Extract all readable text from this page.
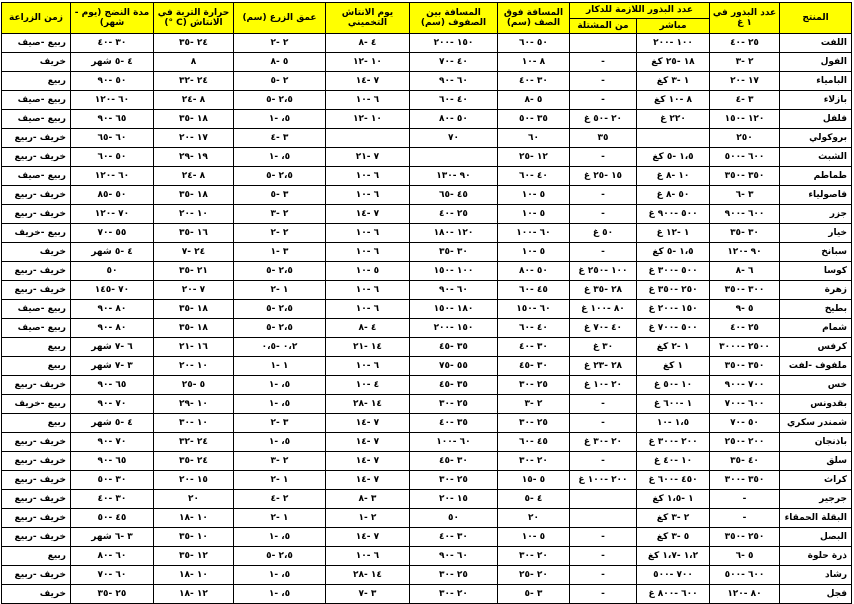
المنتج	عدد البذور في ١ غ	عدد البذور اللازمة للدكار		المسافة فوق الصف (سم)	المسافة بين الصفوف (سم)	يوم الانتاش التخميني	عمق الزرع (سم)	حرارة التربة في الانتاش (C °)	مدة النضج (يوم - شهر)	زمن الزراعة
		مباشر	من المشتلة							
اللفت	٢٥ -٤٠	١٠٠ -٢٠٠		٥٠ -٦٠	١٥٠ -٢٠٠	٤ -٨	٢ -٢	٢٤ -٣٥	٣٠ -٤٠	ربيع -صيف
الفول	٢ -٣	١٨ -٢٥ كغ	-	٨ -١٠	٤٠ -٧٠	١٠ -١٢	٥ -٨	٨	٤ -٥ شهر	خريف
البامياء	١٧ -٢٠	١ -٣ كغ	-	٣٠ -٤٠	٦٠ -٩٠	٧ -١٤	٢ -٥	٢٤ -٣٢	٥٠ -٩٠	ربيع
بازلاء	٣ -٤	٨ -١٠ كغ	-	٥ -٨	٤٠ -٦٠	٦ -١٠	٢،٥ -٥	٨ -٢٤	٦٠ -١٢٠	ربيع -صيف
فلفل	١٢٠ -١٥٠	٢٢٠ غ	٢٠ -٥٠ غ	٣٥ -٥٠	٥٠ -٨٠	١٠ -١٢	٥، -١	١٨ -٣٥	٦٥ -٩٠	ربيع -صيف
بروكولي	٢٥٠		٣٥	٦٠	٧٠		٣ -٤	١٧ -٢٠	٦٠ -٦٥	خريف -ربيع
الشبث	٦٠٠ -٥٠٠	١،٥ -٥ كغ	-	١٢ -٢٥		٧ -٢١	٥، -١	١٩ -٢٩	٥٠ -٦٠	خريف -ربيع
طماطم	٣٥٠ -٣٥٠	١٠ -٨ غ	١٥ -٢٥ غ	٤٠ -٦٠	٩٠ -١٣٠	٦ -١٠	٢،٥ -٥	٨ -٢٤	٦٠ -١٢٠	ربيع -صيف
فاصولياء	٣ -٦	٥٠ -٨ غ	-	٥ -١٠	٤٥ -٦٥	٦ -١٠	٣ -٥	١٨ -٣٥	٥٠ -٨٥	خريف -ربيع
جزر	٦٠٠ -٩٠٠	٥٠٠ -٩٠٠ غ	-	٥ -١٠	٢٥ -٤٠	٧ -١٤	٢ -٣	١٠ -٢٠	٧٠ -١٢٠	خريف -ربيع
خيار	٣٠ -٣٥	١ -١٢ غ	٥٠ غ	٦٠ -١٠٠	١٢٠ -١٨٠	٦ -١٠	٢ -٢	١٦ -٣٥	٥٥ -٧٠	ربيع -خريف
سبانخ	٩٠ -١٢٠	١،٥ -٥ كغ	-	٥ -١٠	٣٠ -٣٥	٦ -١٠	٣ -١	٢٤ -٧	٤ -٥ شهر	خريف
كوسا	٦ -٨	٥٠٠ -٣٠٠ غ	١٠٠ -٢٥٠ غ	٥٠ -٨٠	١٠٠ -١٥٠	٥ -١٠	٢،٥ -٥	٢١ -٣٥	٥٠	خريف -ربيع
زهرة	٣٠٠ -٣٥٠	٢٥٠ -٣٥٠ غ	٢٨ -٣٥ غ	٤٥ -٦٠	٦٠ -٩٠	٦ -١٠	١ -٢	٧ -٢٠	٧٠ -١٤٥	خريف -ربيع
بطيخ	٥ -٩	١٥٠ -٢٠٠ غ	٨٠ -١٠٠ غ	٦٠ -١٥٠	١٨٠ -١٥٠	٦ -١٠	٢،٥ -٥	١٨ -٣٥	٨٠ -٩٠	ربيع -صيف
شمام	٢٥ -٤٠	٥٠٠ -٧٠٠ غ	٤٠ -٧٠ غ	٤٠ -٦٠	١٥٠ -٢٠٠	٤ -٨	٢،٥ -٥	١٨ -٣٥	٨٠ -٩٠	ربيع -صيف
كرفس	٢٥٠٠ -٣٠٠٠	١ -٢ كغ	٣٠ غ	٣٠ -٤٠	٣٥ -٤٥	١٤ -٢١	٠،٢ -٠،٥	١٦ -٢١	٦ -٧ شهر	ربيع
ملفوف -لفت	٣٥٠ -٣٥٠	١ كغ	٢٨ -٢٣ غ	٣٠ -٤٥	٥٥ -٧٥	٦ -١٠	١ -١	١٠ -٢٠	٣ -٧ شهر	ربيع
خس	٧٠٠ -٩٠٠	١٠ -٥٠ غ	٢٠ -١٠ غ	٢٥ -٣٠	٣٥ -٤٥	٤ -١٠	٥، -١	٥ -٢٥	٦٥ -٩٠	خريف -ربيع
بقدونس	٦٠٠ -٧٠٠	١ -٦٠٠ غ	-	٢ -٣	٢٥ -٣٠	١٤ -٢٨	٥، -١	١٠ -٢٩	٧٠ -٩٠	ربيع -خريف
شمندر سكري	٥٠ -٧٠	١،٥ -١٠	-	٢٥ -٣٠	٣٥ -٤٠	٧ -١٤	٣ -٢	١٠ -٣٠	٤ -٥ شهر	ربيع
باذنجان	٢٠٠ -٢٥٠	٢٠٠ -٣٠٠ غ	٢٠ -٣٠ غ	٤٥ -٦٠	٦٠ -١٠٠	٧ -١٤	٥، -١	٢٤ -٣٢	٧٠ -٩٠	خريف -ربيع
سلق	٤٠ -٣٥	١٠ -٤٠ غ	-	٢٠ -٣٠	٣٠ -٤٥	٧ -١٤	٢ -٣	٢٤ -٣٥	٦٥ -٩٠	خريف -ربيع
كراث	٣٥٠ -٣٠٠	٤٥٠ -٦٠٠ غ	٢٠٠ -١٠٠ غ	٥ -١٥	٢٥ -٣٠	٧ -١٤	١ -٢	١٥ -٢٠	٣٠ -٥٠	خريف -ربيع
جرجير	-	١ -١،٥ كغ		٤ -٥	١٥ -٢٠	٣ -٨	٢ -٤	٢٠	٣٠ -٤٠	خريف -ربيع
البقلة الحمقاء	-	٢ -٣ كغ		٢٠	٥٠	٢ -١	١ -٢	١٠ -١٨	٤٥ -٥٠	خريف -ربيع
البصل	٢٥٠ -٣٥٠	٥ -٣ كغ	-	٥ -١٠	٣٠ -٤٠	٧ -١٤	٥، -١	١٠ -٣٥	٣ -٦ شهر	خريف -ربيع
ذرة حلوة	٥ -٦	١،٢ -١،٧ كغ	-	٢٠ -٣٠	٦٠ -٩٠	٦ -١٠	٢،٥ -٥	١٢ -٣٥	٦٠ -٨٠	ربيع
رشاد	٦٠٠ -٥٠٠	٧٠٠ -٥٠٠	-	٢٠ -٢٥	٢٥ -٣٠	١٤ -٢٨	٥، -١	١٠ -١٨	٦٠ -٧٠	خريف -ربيع
فجل	٨٠ -١٢٠	٦٠٠ -٨٠٠ غ	-	٣ -٥	٢٠ -٣٠	٣ -٧	٥، -١	١٢ -١٨	٢٥ -٣٥	خريف
